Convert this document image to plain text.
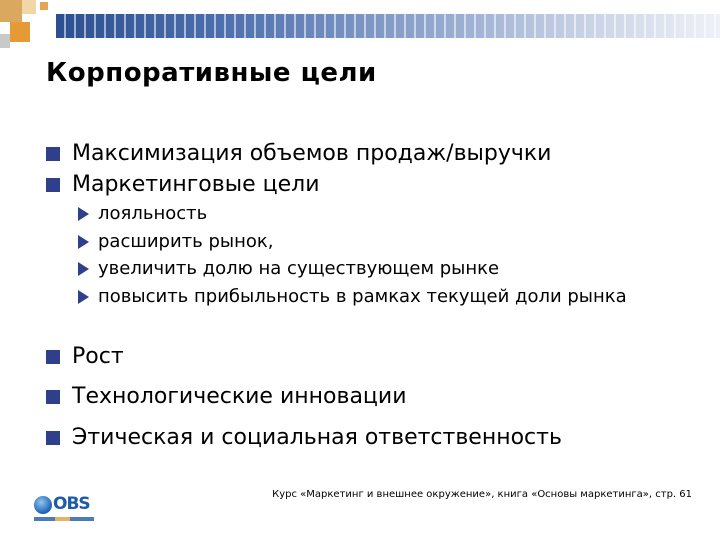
Корпоративные цели
Максимизация объемов продаж/выручки
Маркетинговые цели
лояльность
расширить рынок,
увеличить долю на существующем рынке
повысить прибыльность в рамках текущей доли рынка
Рост
Технологические инновации
Этическая и социальная ответственность
OBS	Курс «Маркетинг и внешнее окружение», книга «Основы маркетинга», стр. 61
